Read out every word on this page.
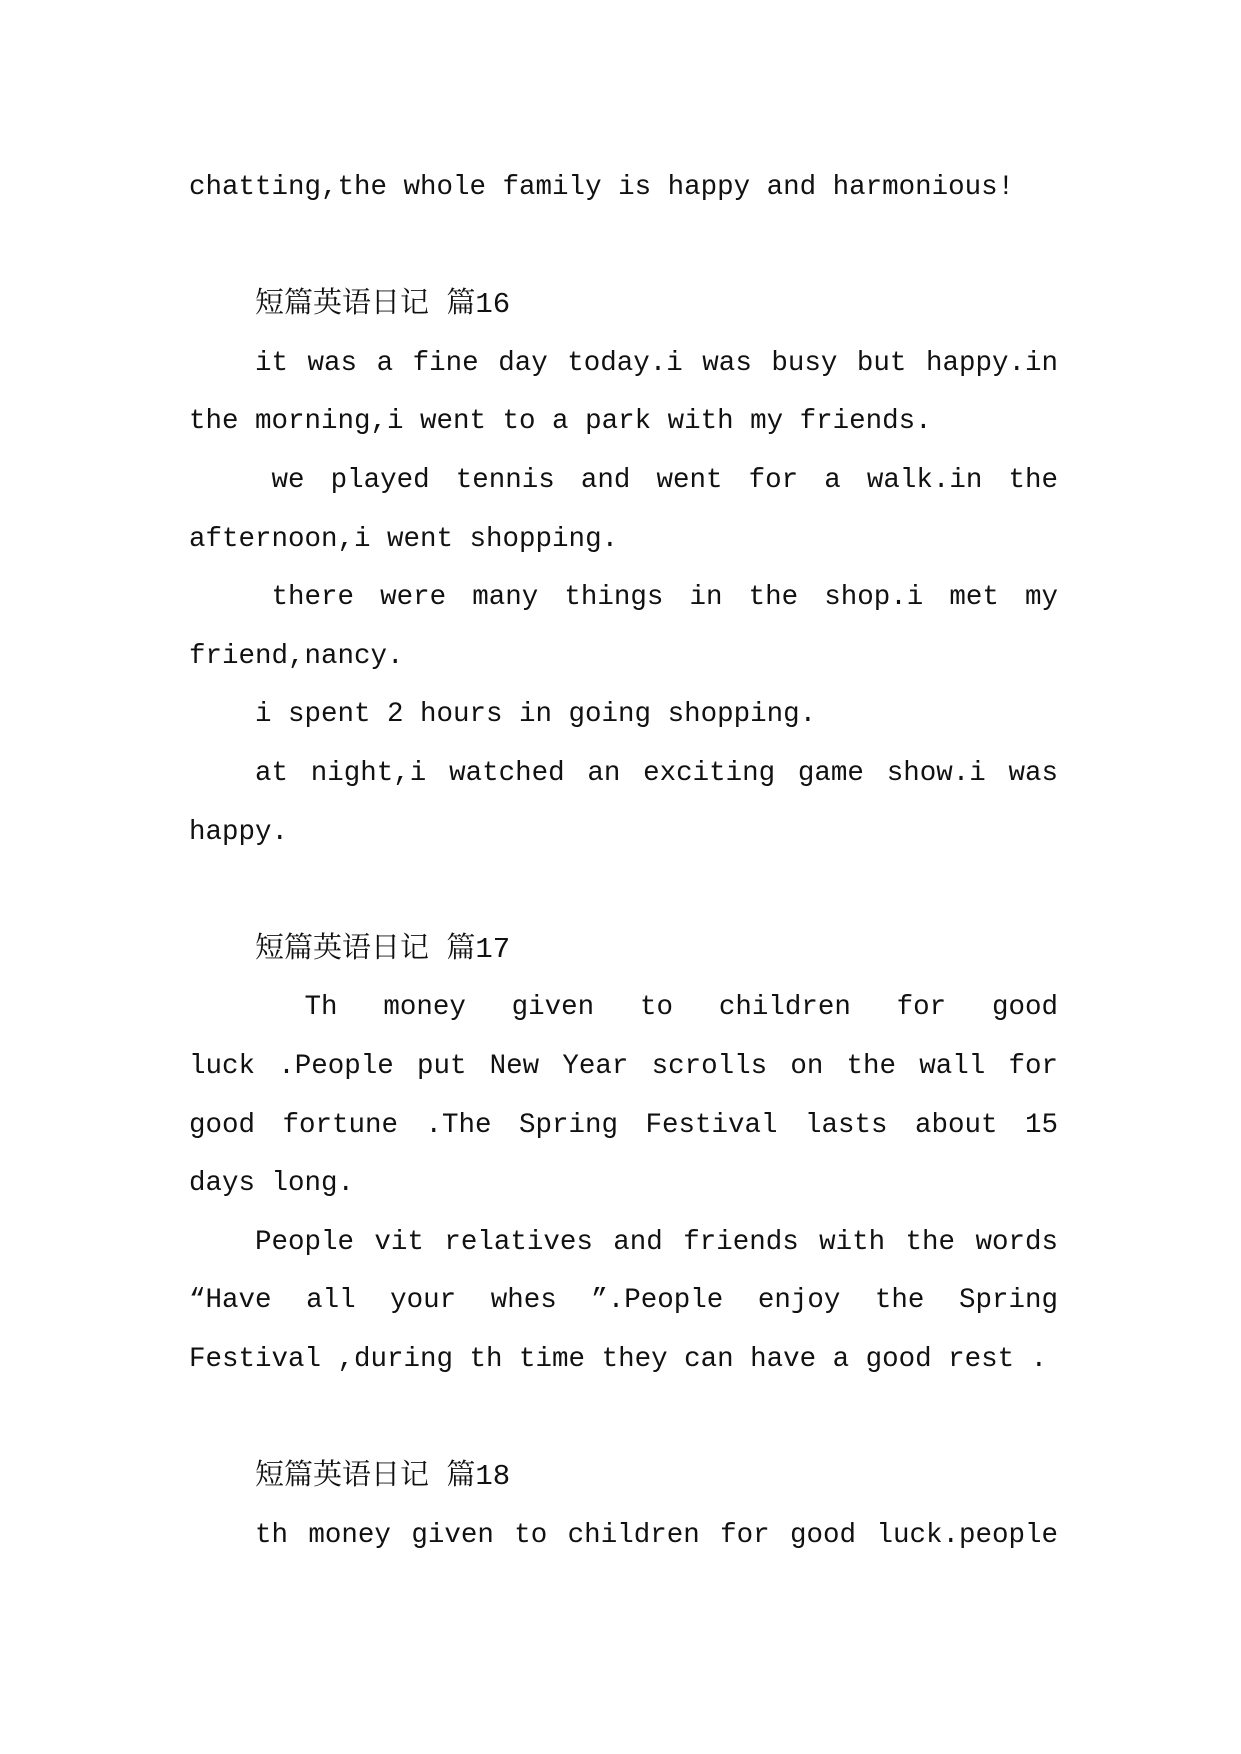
chatting,the whole family is happy and harmonious!
短篇英语日记 篇16
it was a fine day today.i was busy but happy.in
the morning,i went to a park with my friends.
we played tennis and went for a walk.in the
afternoon,i went shopping.
there were many things in the shop.i met my
friend,nancy.
i spent 2 hours in going shopping.
at night,i watched an exciting game show.i was
happy.
短篇英语日记 篇17
Th money given to children for good
luck .People put New Year scrolls on the wall for
good fortune .The Spring Festival lasts about 15
days long.
People vit relatives and friends with the words
“Have all your whes ”.People enjoy the Spring
Festival ,during th time they can have a good rest .
短篇英语日记 篇18
th money given to children for good luck.people
